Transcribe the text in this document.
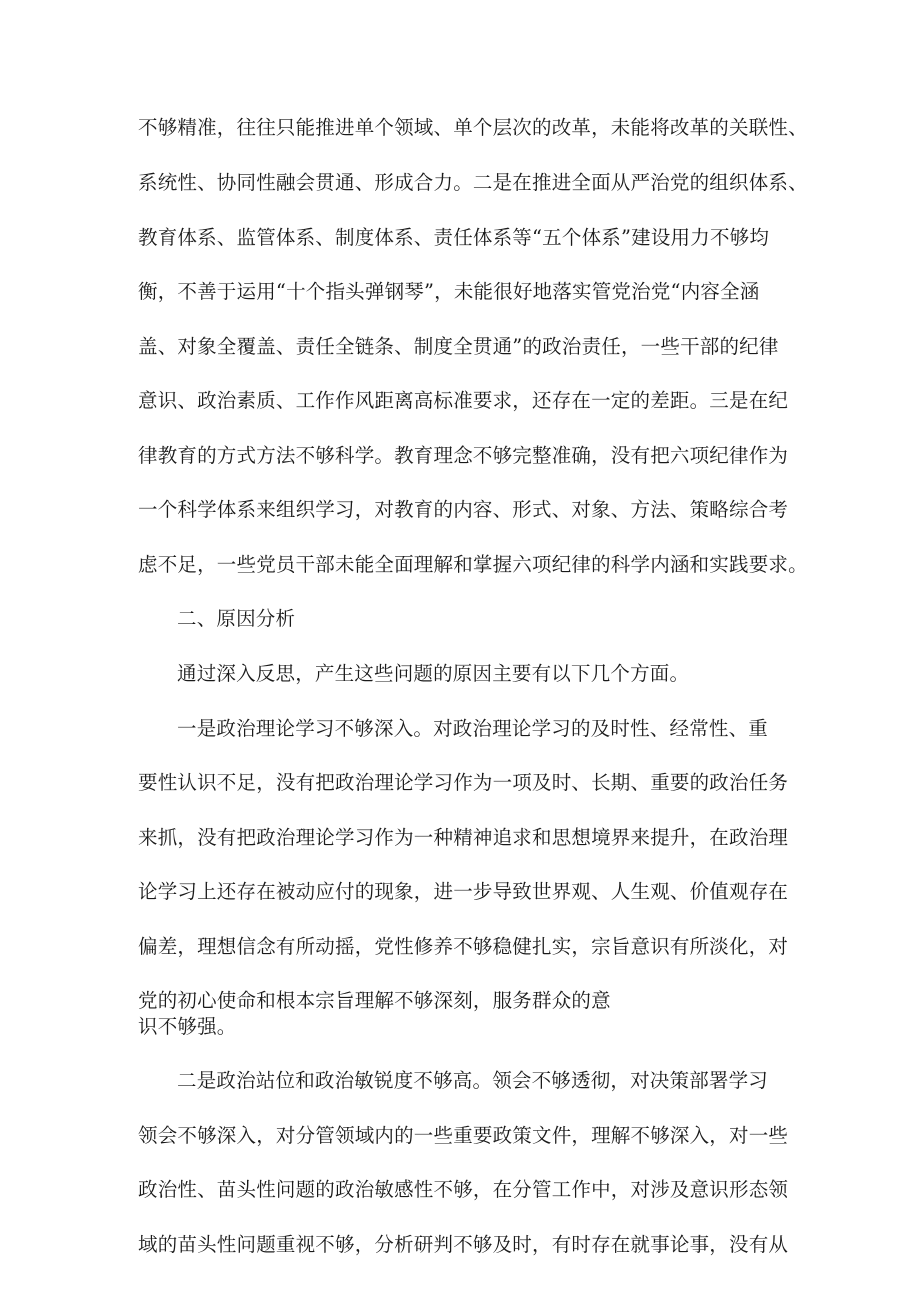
不够精准，往往只能推进单个领域、单个层次的改革，未能将改革的关联性、
系统性、协同性融会贯通、形成合力。二是在推进全面从严治党的组织体系、
教育体系、监管体系、制度体系、责任体系等“五个体系”建设用力不够均
衡，不善于运用“十个指头弹钢琴”，未能很好地落实管党治党“内容全涵
盖、对象全覆盖、责任全链条、制度全贯通”的政治责任，一些干部的纪律
意识、政治素质、工作作风距离高标准要求，还存在一定的差距。三是在纪
律教育的方式方法不够科学。教育理念不够完整准确，没有把六项纪律作为
一个科学体系来组织学习，对教育的内容、形式、对象、方法、策略综合考
虑不足，一些党员干部未能全面理解和掌握六项纪律的科学内涵和实践要求。
二、原因分析
通过深入反思，产生这些问题的原因主要有以下几个方面。
一是政治理论学习不够深入。对政治理论学习的及时性、经常性、重
要性认识不足，没有把政治理论学习作为一项及时、长期、重要的政治任务
来抓，没有把政治理论学习作为一种精神追求和思想境界来提升，在政治理
论学习上还存在被动应付的现象，进一步导致世界观、人生观、价值观存在
偏差，理想信念有所动摇，党性修养不够稳健扎实，宗旨意识有所淡化，对
党的初心使命和根本宗旨理解不够深刻，服务群众的意
识不够强。
二是政治站位和政治敏锐度不够高。领会不够透彻，对决策部署学习
领会不够深入，对分管领域内的一些重要政策文件，理解不够深入，对一些
政治性、苗头性问题的政治敏感性不够，在分管工作中，对涉及意识形态领
域的苗头性问题重视不够，分析研判不够及时，有时存在就事论事，没有从
